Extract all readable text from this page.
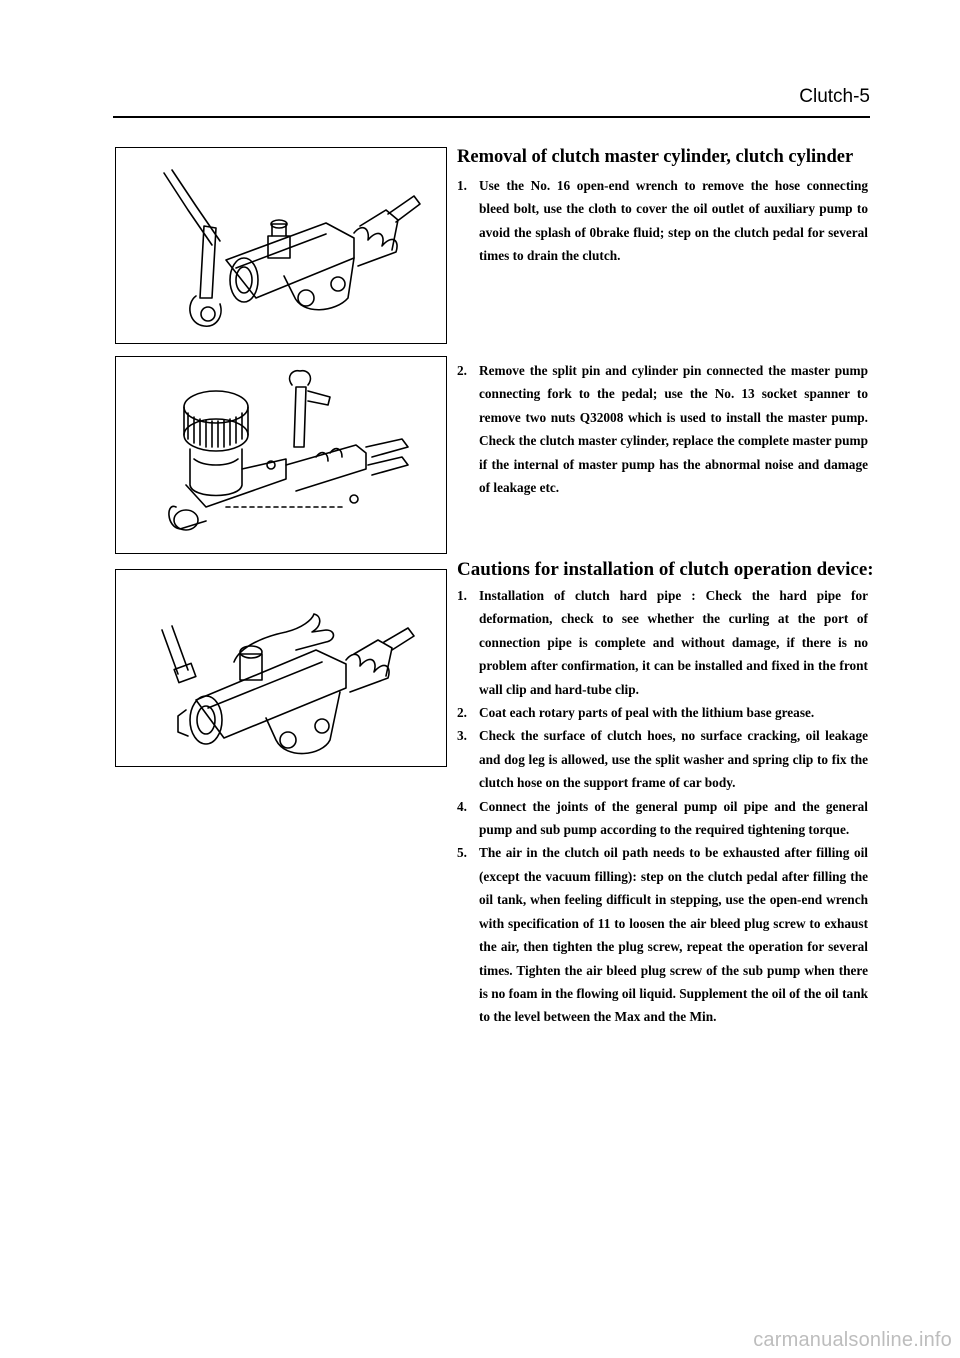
Clutch-5
Removal of clutch master cylinder, clutch cylinder
1. Use the No. 16 open-end wrench to remove the hose connecting bleed bolt, use the cloth to cover the oil outlet of auxiliary pump to avoid the splash of 0brake fluid; step on the clutch pedal for several times to drain the clutch.
2. Remove the split pin and cylinder pin connected the master pump connecting fork to the pedal; use the No. 13 socket spanner to remove two nuts Q32008 which is used to install the master pump. Check the clutch master cylinder, replace the complete master pump if the internal of master pump has the abnormal noise and damage of leakage etc.
Cautions for installation of clutch operation device:
1. Installation of clutch hard pipe : Check the hard pipe for deformation, check to see whether the curling at the port of connection pipe is complete and without damage, if there is no problem after confirmation, it can be installed and fixed in the front wall clip and hard-tube clip.
2. Coat each rotary parts of peal with the lithium base grease.
3. Check the surface of clutch hoes, no surface cracking, oil leakage and dog leg is allowed, use the split washer and spring clip to fix the clutch hose on the support frame of car body.
4. Connect the joints of the general pump oil pipe and the general pump and sub pump according to the required tightening torque.
5. The air in the clutch oil path needs to be exhausted after filling oil (except the vacuum filling): step on the clutch pedal after filling the oil tank, when feeling difficult in stepping, use the open-end wrench with specification of 11 to loosen the air bleed plug screw to exhaust the air, then tighten the plug screw, repeat the operation for several times. Tighten the air bleed plug screw of the sub pump when there is no foam in the flowing oil liquid. Supplement the oil of the oil tank to the level between the Max and the Min.
carmanualsonline.info
